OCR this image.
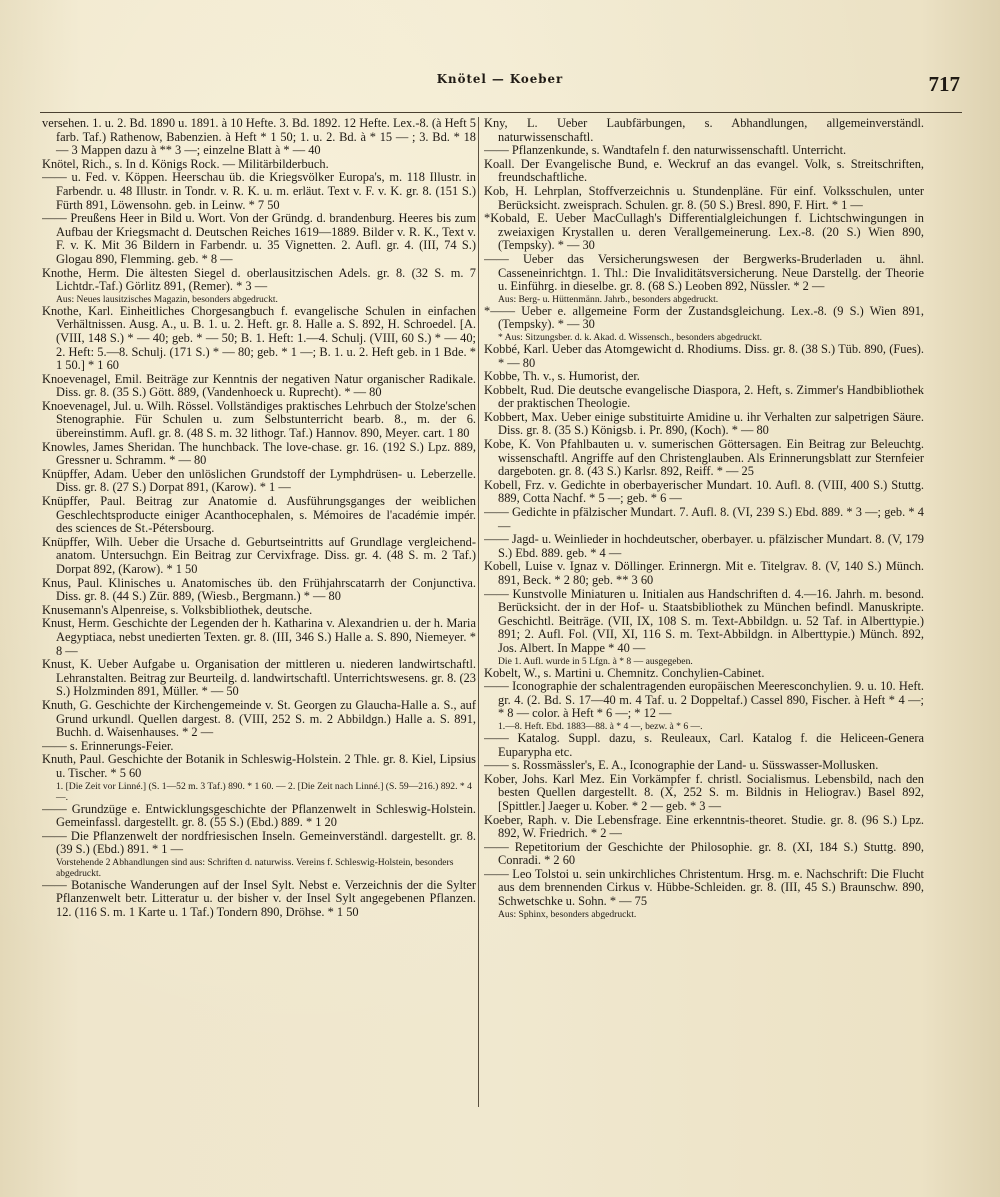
Knötel — Koeber	717

versehen. 1. u. 2. Bd. 1890 u. 1891. à 10 Hefte. 3. Bd. 1892. 12 Hefte. Lex.-8. (à Heft 5 farb. Taf.) Rathenow, Babenzien. à Heft * 1 50; 1. u. 2. Bd. à * 15 — ; 3. Bd. * 18 — 3 Mappen dazu à ** 3 —; einzelne Blatt à * — 40

Knötel, Rich., s. In d. Königs Rock. — Militärbilderbuch.

—— u. Fed. v. Köppen. Heerschau üb. die Kriegsvölker Europa's, m. 118 Illustr. in Farbendr. u. 48 Illustr. in Tondr. v. R. K. u. m. erläut. Text v. F. v. K. gr. 8. (151 S.) Fürth 891, Löwensohn. geb. in Leinw. * 7 50

—— Preußens Heer in Bild u. Wort. Von der Gründg. d. brandenburg. Heeres bis zum Aufbau der Kriegsmacht d. Deutschen Reiches 1619—1889. Bilder v. R. K., Text v. F. v. K. Mit 36 Bildern in Farbendr. u. 35 Vignetten. 2. Aufl. gr. 4. (III, 74 S.) Glogau 890, Flemming. geb. * 8 —

Knothe, Herm. Die ältesten Siegel d. oberlausitzischen Adels. gr. 8. (32 S. m. 7 Lichtdr.-Taf.) Görlitz 891, (Remer). * 3 —

Aus: Neues lausitzisches Magazin, besonders abgedruckt.

Knothe, Karl. Einheitliches Chorgesangbuch f. evangelische Schulen in einfachen Verhältnissen. Ausg. A., u. B. 1. u. 2. Heft. gr. 8. Halle a. S. 892, H. Schroedel. [A. (VIII, 148 S.) * — 40; geb. * — 50; B. 1. Heft: 1.—4. Schulj. (VIII, 60 S.) * — 40; 2. Heft: 5.—8. Schulj. (171 S.) * — 80; geb. * 1 —; B. 1. u. 2. Heft geb. in 1 Bde. * 1 50.] * 1 60

Knoevenagel, Emil. Beiträge zur Kenntnis der negativen Natur organischer Radikale. Diss. gr. 8. (35 S.) Gött. 889, (Vandenhoeck u. Ruprecht). * — 80

Knoevenagel, Jul. u. Wilh. Rössel. Vollständiges praktisches Lehrbuch der Stolze'schen Stenographie. Für Schulen u. zum Selbstunterricht bearb. 8., m. der 6. übereinstimm. Aufl. gr. 8. (48 S. m. 32 lithogr. Taf.) Hannov. 890, Meyer. cart. 1 80

Knowles, James Sheridan. The hunchback. The love-chase. gr. 16. (192 S.) Lpz. 889, Gressner u. Schramm. * — 80

Knüpffer, Adam. Ueber den unlöslichen Grundstoff der Lymphdrüsen- u. Leberzelle. Diss. gr. 8. (27 S.) Dorpat 891, (Karow). * 1 —

Knüpffer, Paul. Beitrag zur Anatomie d. Ausführungsganges der weiblichen Geschlechtsproducte einiger Acanthocephalen, s. Mémoires de l'académie impér. des sciences de St.-Pétersbourg.

Knüpffer, Wilh. Ueber die Ursache d. Geburtseintritts auf Grundlage vergleichend-anatom. Untersuchgn. Ein Beitrag zur Cervixfrage. Diss. gr. 4. (48 S. m. 2 Taf.) Dorpat 892, (Karow). * 1 50

Knus, Paul. Klinisches u. Anatomisches üb. den Frühjahrscatarrh der Conjunctiva. Diss. gr. 8. (44 S.) Zür. 889, (Wiesb., Bergmann.) * — 80

Knusemann's Alpenreise, s. Volksbibliothek, deutsche.

Knust, Herm. Geschichte der Legenden der h. Katharina v. Alexandrien u. der h. Maria Aegyptiaca, nebst unedierten Texten. gr. 8. (III, 346 S.) Halle a. S. 890, Niemeyer. * 8 —

Knust, K. Ueber Aufgabe u. Organisation der mittleren u. niederen landwirtschaftl. Lehranstalten. Beitrag zur Beurteilg. d. landwirtschaftl. Unterrichtswesens. gr. 8. (23 S.) Holzminden 891, Müller. * — 50

Knuth, G. Geschichte der Kirchengemeinde v. St. Georgen zu Glaucha-Halle a. S., auf Grund urkundl. Quellen dargest. 8. (VIII, 252 S. m. 2 Abbildgn.) Halle a. S. 891, Buchh. d. Waisenhauses. * 2 —

—— s. Erinnerungs-Feier.

Knuth, Paul. Geschichte der Botanik in Schleswig-Holstein. 2 Thle. gr. 8. Kiel, Lipsius u. Tischer. * 5 60

1. [Die Zeit vor Linné.] (S. 1—52 m. 3 Taf.) 890. * 1 60. — 2. [Die Zeit nach Linné.] (S. 59—216.) 892. * 4 —.

—— Grundzüge e. Entwicklungsgeschichte der Pflanzenwelt in Schleswig-Holstein. Gemeinfassl. dargestellt. gr. 8. (55 S.) (Ebd.) 889. * 1 20

—— Die Pflanzenwelt der nordfriesischen Inseln. Gemeinverständl. dargestellt. gr. 8. (39 S.) (Ebd.) 891. * 1 —

Vorstehende 2 Abhandlungen sind aus: Schriften d. naturwiss. Vereins f. Schleswig-Holstein, besonders abgedruckt.

—— Botanische Wanderungen auf der Insel Sylt. Nebst e. Verzeichnis der die Sylter Pflanzenwelt betr. Litteratur u. der bisher v. der Insel Sylt angegebenen Pflanzen. 12. (116 S. m. 1 Karte u. 1 Taf.) Tondern 890, Dröhse. * 1 50

Kny, L. Ueber Laubfärbungen, s. Abhandlungen, allgemeinverständl. naturwissenschaftl.

—— Pflanzenkunde, s. Wandtafeln f. den naturwissenschaftl. Unterricht.

Koall. Der Evangelische Bund, e. Weckruf an das evangel. Volk, s. Streitschriften, freundschaftliche.

Kob, H. Lehrplan, Stoffverzeichnis u. Stundenpläne. Für einf. Volksschulen, unter Berücksicht. zweisprach. Schulen. gr. 8. (50 S.) Bresl. 890, F. Hirt. * 1 —

*Kobald, E. Ueber MacCullagh's Differentialgleichungen f. Lichtschwingungen in zweiaxigen Krystallen u. deren Verallgemeinerung. Lex.-8. (20 S.) Wien 890, (Tempsky). * — 30

—— Ueber das Versicherungswesen der Bergwerks-Bruderladen u. ähnl. Casseneinrichtgn. 1. Thl.: Die Invaliditätsversicherung. Neue Darstellg. der Theorie u. Einführg. in dieselbe. gr. 8. (68 S.) Leoben 892, Nüssler. * 2 —

Aus: Berg- u. Hüttenmänn. Jahrb., besonders abgedruckt.

*—— Ueber e. allgemeine Form der Zustandsgleichung. Lex.-8. (9 S.) Wien 891, (Tempsky). * — 30

* Aus: Sitzungsber. d. k. Akad. d. Wissensch., besonders abgedruckt.

Kobbé, Karl. Ueber das Atomgewicht d. Rhodiums. Diss. gr. 8. (38 S.) Tüb. 890, (Fues). * — 80

Kobbe, Th. v., s. Humorist, der.

Kobbelt, Rud. Die deutsche evangelische Diaspora, 2. Heft, s. Zimmer's Handbibliothek der praktischen Theologie.

Kobbert, Max. Ueber einige substituirte Amidine u. ihr Verhalten zur salpetrigen Säure. Diss. gr. 8. (35 S.) Königsb. i. Pr. 890, (Koch). * — 80

Kobe, K. Von Pfahlbauten u. v. sumerischen Göttersagen. Ein Beitrag zur Beleuchtg. wissenschaftl. Angriffe auf den Christenglauben. Als Erinnerungsblatt zur Sternfeier dargeboten. gr. 8. (43 S.) Karlsr. 892, Reiff. * — 25

Kobell, Frz. v. Gedichte in oberbayerischer Mundart. 10. Aufl. 8. (VIII, 400 S.) Stuttg. 889, Cotta Nachf. * 5 —; geb. * 6 —

—— Gedichte in pfälzischer Mundart. 7. Aufl. 8. (VI, 239 S.) Ebd. 889. * 3 —; geb. * 4 —

—— Jagd- u. Weinlieder in hochdeutscher, oberbayer. u. pfälzischer Mundart. 8. (V, 179 S.) Ebd. 889. geb. * 4 —

Kobell, Luise v. Ignaz v. Döllinger. Erinnergn. Mit e. Titelgrav. 8. (V, 140 S.) Münch. 891, Beck. * 2 80; geb. ** 3 60

—— Kunstvolle Miniaturen u. Initialen aus Handschriften d. 4.—16. Jahrh. m. besond. Berücksicht. der in der Hof- u. Staatsbibliothek zu München befindl. Manuskripte. Geschichtl. Beiträge. (VII, IX, 108 S. m. Text-Abbildgn. u. 52 Taf. in Alberttypie.) 891; 2. Aufl. Fol. (VII, XI, 116 S. m. Text-Abbildgn. in Alberttypie.) Münch. 892, Jos. Albert. In Mappe * 40 —

Die 1. Aufl. wurde in 5 Lfgn. à * 8 — ausgegeben.

Kobelt, W., s. Martini u. Chemnitz. Conchylien-Cabinet.

—— Iconographie der schalentragenden europäischen Meeresconchylien. 9. u. 10. Heft. gr. 4. (2. Bd. S. 17—40 m. 4 Taf. u. 2 Doppeltaf.) Cassel 890, Fischer. à Heft * 4 —; * 8 — color. à Heft * 6 —; * 12 —

1.—8. Heft. Ebd. 1883—88. à * 4 —, bezw. à * 6 —.

—— Katalog. Suppl. dazu, s. Reuleaux, Carl. Katalog f. die Heliceen-Genera Euparypha etc.

—— s. Rossmässler's, E. A., Iconographie der Land- u. Süsswasser-Mollusken.

Kober, Johs. Karl Mez. Ein Vorkämpfer f. christl. Socialismus. Lebensbild, nach den besten Quellen dargestellt. 8. (X, 252 S. m. Bildnis in Heliograv.) Basel 892, [Spittler.] Jaeger u. Kober. * 2 — geb. * 3 —

Koeber, Raph. v. Die Lebensfrage. Eine erkenntnis-theoret. Studie. gr. 8. (96 S.) Lpz. 892, W. Friedrich. * 2 —

—— Repetitorium der Geschichte der Philosophie. gr. 8. (XI, 184 S.) Stuttg. 890, Conradi. * 2 60

—— Leo Tolstoi u. sein unkirchliches Christentum. Hrsg. m. e. Nachschrift: Die Flucht aus dem brennenden Cirkus v. Hübbe-Schleiden. gr. 8. (III, 45 S.) Braunschw. 890, Schwetschke u. Sohn. * — 75

Aus: Sphinx, besonders abgedruckt.
